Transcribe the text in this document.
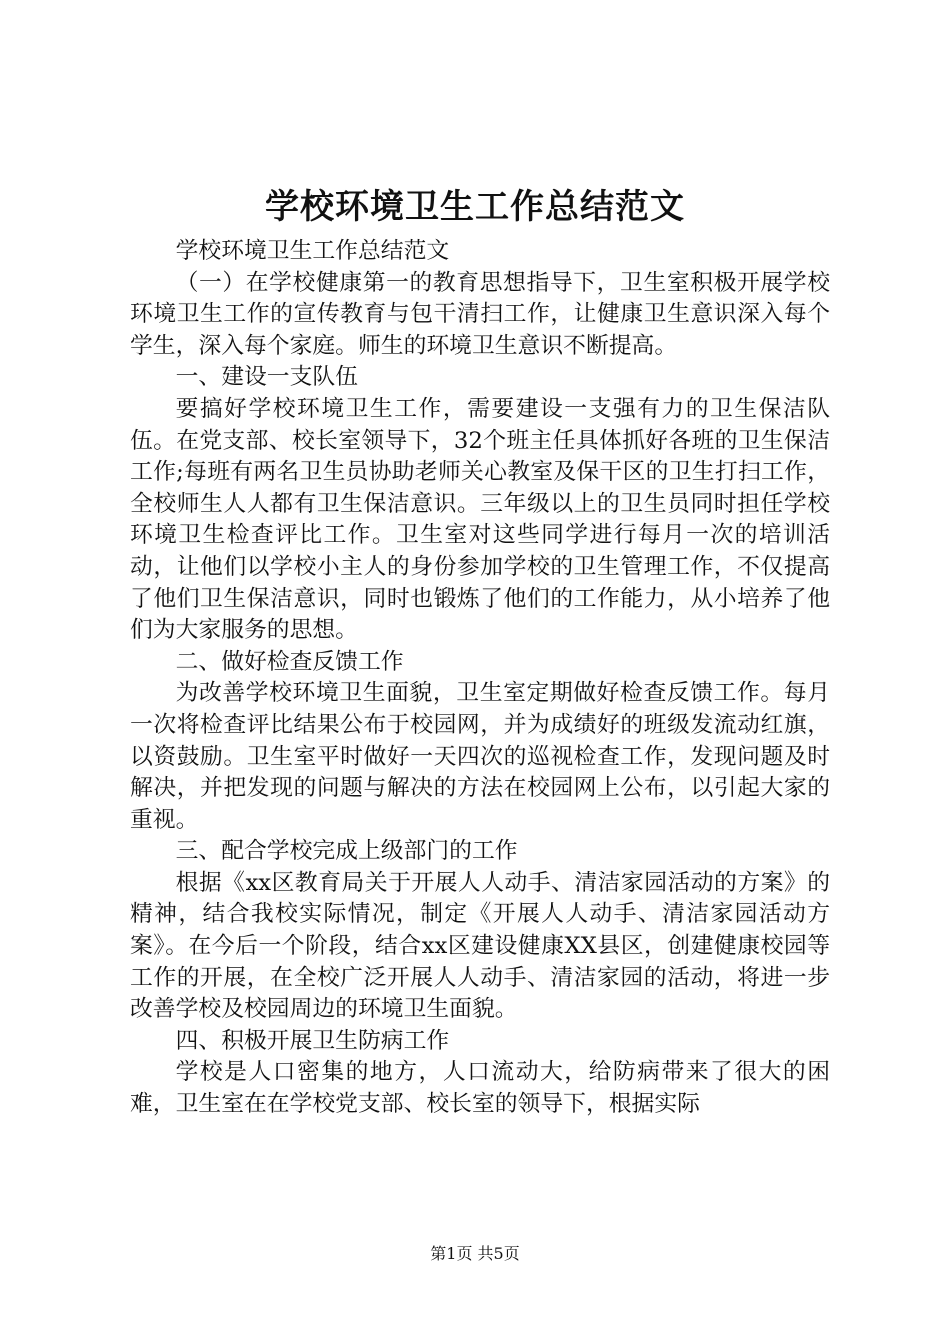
学校环境卫生工作总结范文

学校环境卫生工作总结范文

（一）在学校健康第一的教育思想指导下，卫生室积极开展学校环境卫生工作的宣传教育与包干清扫工作，让健康卫生意识深入每个学生，深入每个家庭。师生的环境卫生意识不断提高。

一、建设一支队伍

要搞好学校环境卫生工作，需要建设一支强有力的卫生保洁队伍。在党支部、校长室领导下，32个班主任具体抓好各班的卫生保洁工作;每班有两名卫生员协助老师关心教室及保干区的卫生打扫工作，全校师生人人都有卫生保洁意识。三年级以上的卫生员同时担任学校环境卫生检查评比工作。卫生室对这些同学进行每月一次的培训活动，让他们以学校小主人的身份参加学校的卫生管理工作，不仅提高了他们卫生保洁意识，同时也锻炼了他们的工作能力，从小培养了他们为大家服务的思想。

二、做好检查反馈工作

为改善学校环境卫生面貌，卫生室定期做好检查反馈工作。每月一次将检查评比结果公布于校园网，并为成绩好的班级发流动红旗，以资鼓励。卫生室平时做好一天四次的巡视检查工作，发现问题及时解决，并把发现的问题与解决的方法在校园网上公布，以引起大家的重视。

三、配合学校完成上级部门的工作

根据《xx区教育局关于开展人人动手、清洁家园活动的方案》的精神，结合我校实际情况，制定《开展人人动手、清洁家园活动方案》。在今后一个阶段，结合xx区建设健康XX县区，创建健康校园等工作的开展，在全校广泛开展人人动手、清洁家园的活动，将进一步改善学校及校园周边的环境卫生面貌。

四、积极开展卫生防病工作

学校是人口密集的地方，人口流动大，给防病带来了很大的困难，卫生室在在学校党支部、校长室的领导下，根据实际

第1页 共5页
